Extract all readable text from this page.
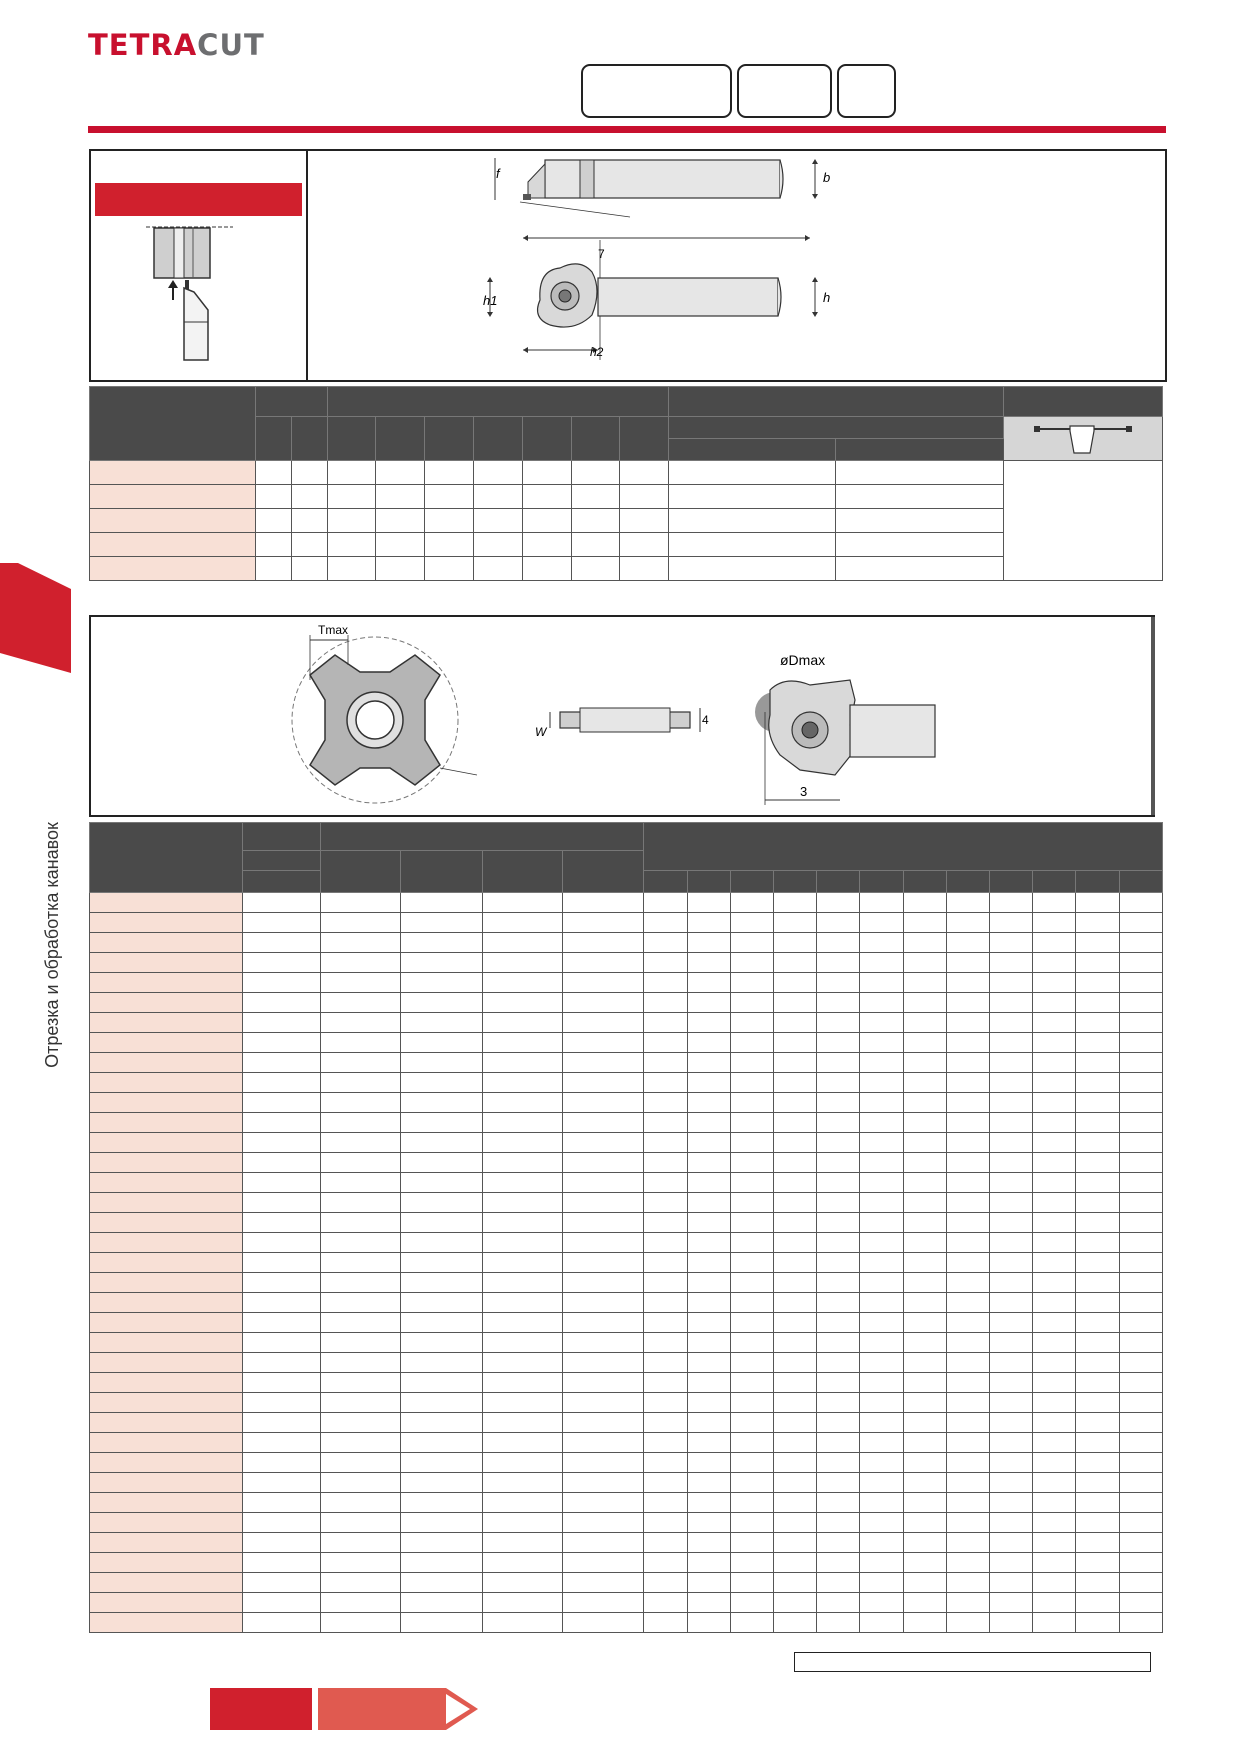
TETRACUT
Отрезка и обработка канавок
f	b
h1	h
7
h2

Tmax
W
4
øDmax
3
